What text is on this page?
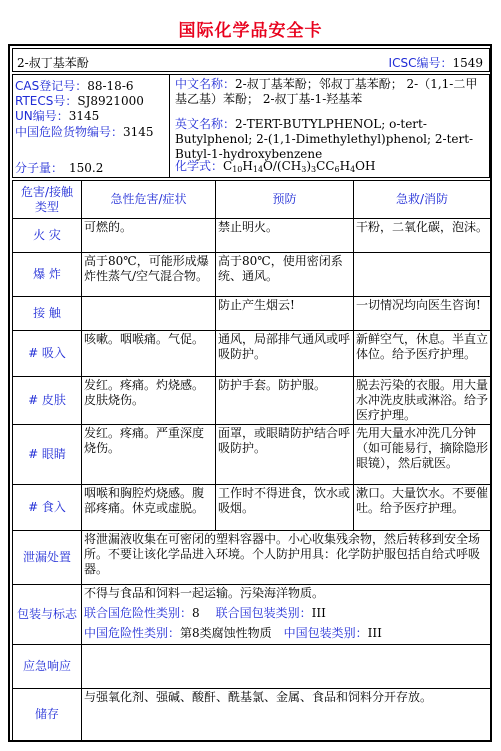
国际化学品安全卡
2-叔丁基苯酚	ICSC编号：1549
CAS登记号：88-18-6
RTECS号：SJ8921000
UN编号：3145
中国危险货物编号：3145
分子量： 150.2
中文名称：2-叔丁基苯酚；邻叔丁基苯酚； 2-（1,1-二甲基乙基）苯酚； 2-叔丁基-1-羟基苯
英文名称：2-TERT-BUTYLPHENOL; o-tert-Butylphenol; 2-(1,1-Dimethylethyl)phenol; 2-tert-Butyl-1-hydroxybenzene
化学式：$C_{10}H_{14}O/(CH_3)_3CC_6H_4OH$
危害/接触类型	急性危害/症状	预防	急救/消防
火 灾	可燃的。	禁止明火。	干粉，二氧化碳，泡沫。
爆 炸	高于80℃，可能形成爆炸性蒸气/空气混合物。	高于80℃，使用密闭系统、通风。	
接 触		防止产生烟云!	一切情况均向医生咨询!
# 吸入	咳嗽。咽喉痛。气促。	通风，局部排气通风或呼吸防护。	新鲜空气，休息。半直立体位。给予医疗护理。
# 皮肤	发红。疼痛。灼烧感。皮肤烧伤。	防护手套。防护服。	脱去污染的衣服。用大量水冲洗皮肤或淋浴。给予医疗护理。
# 眼睛	发红。疼痛。严重深度烧伤。	面罩，或眼睛防护结合呼吸防护。	先用大量水冲洗几分钟（如可能易行，摘除隐形眼镜），然后就医。
# 食入	咽喉和胸腔灼烧感。腹部疼痛。休克或虚脱。	工作时不得进食，饮水或吸烟。	漱口。大量饮水。不要催吐。给予医疗护理。
泄漏处置	将泄漏液收集在可密闭的塑料容器中。小心收集残余物，然后转移到安全场所。不要让该化学品进入环境。个人防护用具：化学防护服包括自给式呼吸器。		
包装与标志	不得与食品和饲料一起运输。污染海洋物质。
联合国危险性类别：8 联合国包装类别：III
中国危险性类别：第8类腐蚀性物质 中国包装类别：III		

应急响应			
储存	与强氧化剂、强碱、酸酐、酰基氯、金属、食品和饲料分开存放。		
